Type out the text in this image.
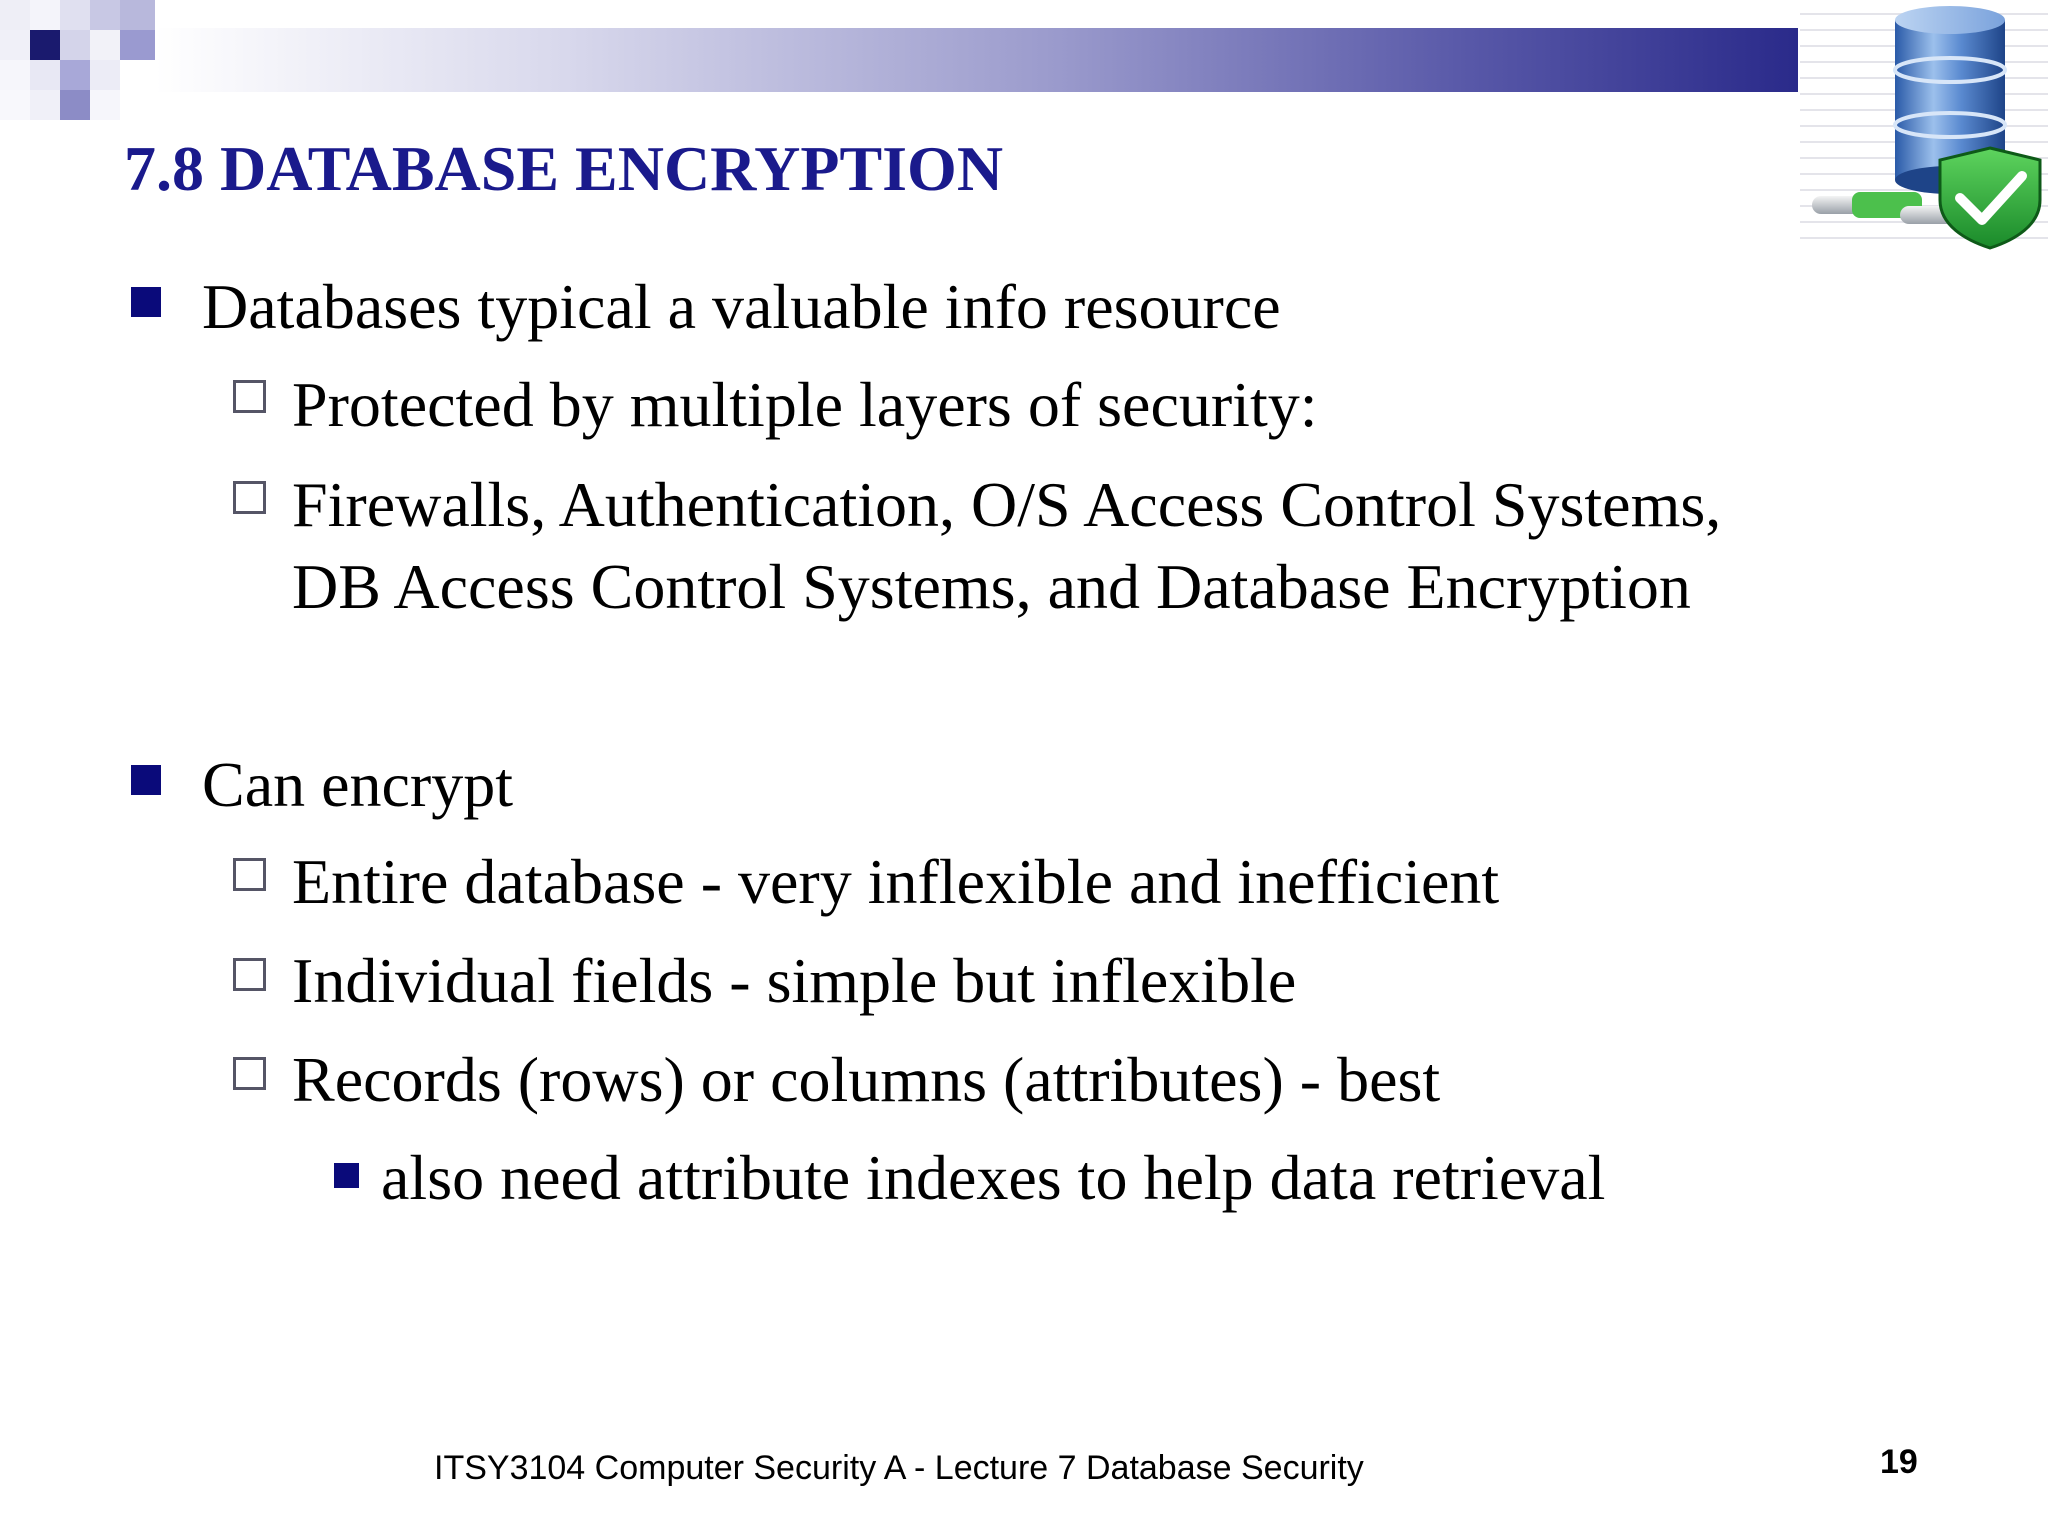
7.8 DATABASE ENCRYPTION
Databases typical a valuable info resource
Protected by multiple layers of security:
Firewalls, Authentication, O/S Access Control Systems,
DB Access Control Systems, and Database Encryption
Can encrypt
Entire database - very inflexible and inefficient
Individual fields - simple but inflexible
Records (rows) or columns (attributes) - best
also need attribute indexes to help data retrieval
ITSY3104 Computer Security A - Lecture 7 Database Security	19
